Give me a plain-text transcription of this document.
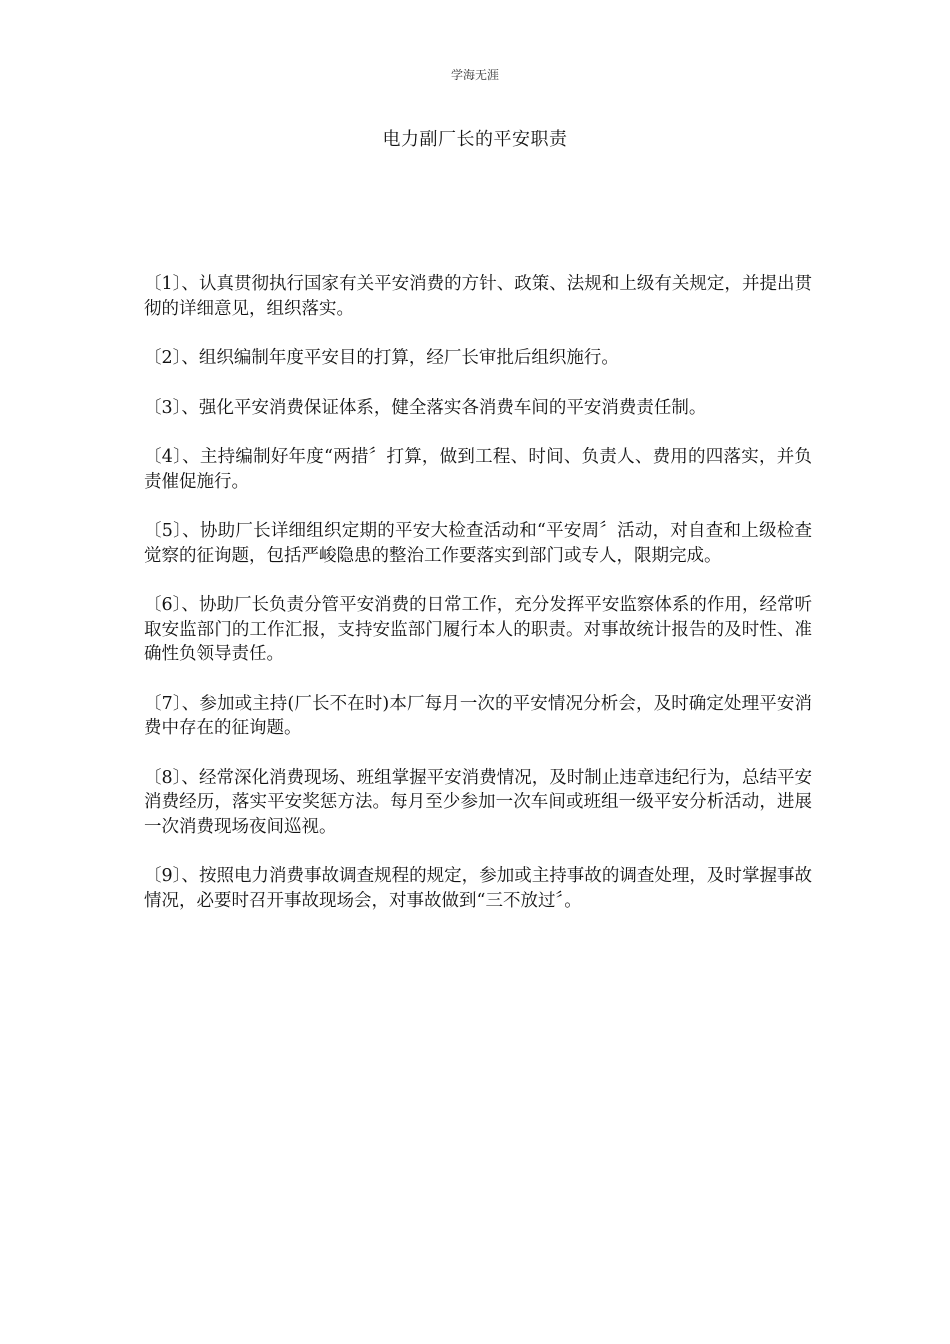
学海无涯
电力副厂长的平安职责

〔1〕、认真贯彻执行国家有关平安消费的方针、政策、法规和上级有关规定，并提出贯彻的详细意见，组织落实。

〔2〕、组织编制年度平安目的打算，经厂长审批后组织施行。

〔3〕、强化平安消费保证体系，健全落实各消费车间的平安消费责任制。

〔4〕、主持编制好年度“两措〞打算，做到工程、时间、负责人、费用的四落实，并负责催促施行。

〔5〕、协助厂长详细组织定期的平安大检查活动和“平安周〞活动，对自查和上级检查觉察的征询题，包括严峻隐患的整治工作要落实到部门或专人，限期完成。

〔6〕、协助厂长负责分管平安消费的日常工作，充分发挥平安监察体系的作用，经常听取安监部门的工作汇报，支持安监部门履行本人的职责。对事故统计报告的及时性、准确性负领导责任。

〔7〕、参加或主持(厂长不在时)本厂每月一次的平安情况分析会，及时确定处理平安消费中存在的征询题。

〔8〕、经常深化消费现场、班组掌握平安消费情况，及时制止违章违纪行为，总结平安消费经历，落实平安奖惩方法。每月至少参加一次车间或班组一级平安分析活动，进展一次消费现场夜间巡视。

〔9〕、按照电力消费事故调查规程的规定，参加或主持事故的调查处理，及时掌握事故情况，必要时召开事故现场会，对事故做到“三不放过〞。
